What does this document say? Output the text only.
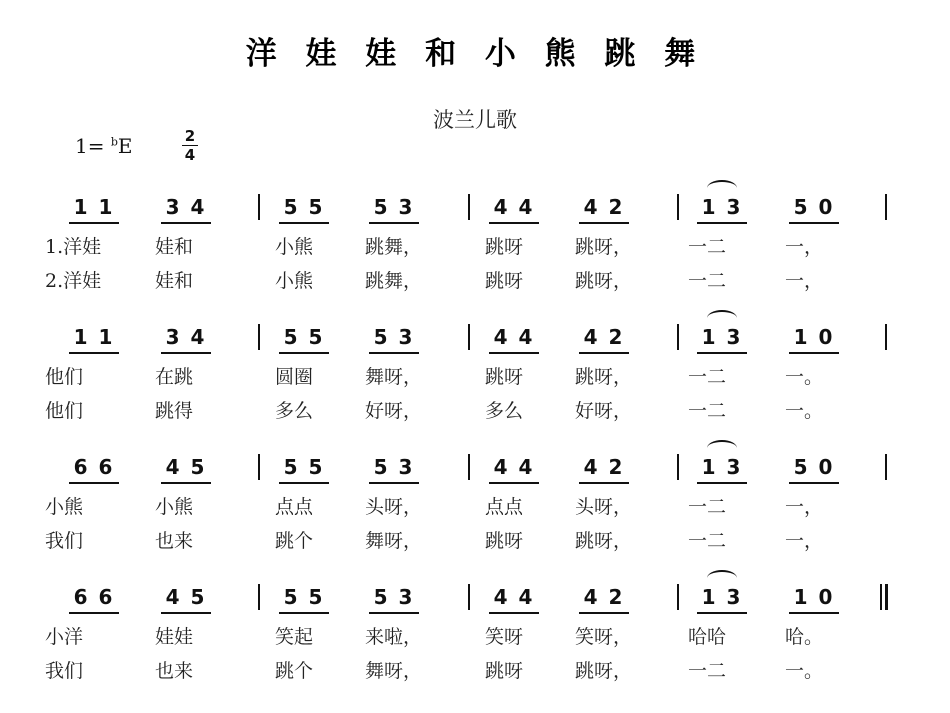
洋 娃 娃 和 小 熊 跳 舞
波兰儿歌
1= $^b$E	2
4
1 1	3 4	5 5	5 3	4 4	4 2	1 3	5 0
1.洋娃	娃和	小熊	跳舞，	跳呀	跳呀，	一二	一，
2.洋娃	娃和	小熊	跳舞，	跳呀	跳呀，	一二	一，
1 1	3 4	5 5	5 3	4 4	4 2	1 3	1 0
他们	在跳	圆圈	舞呀，	跳呀	跳呀，	一二	一。
他们	跳得	多么	好呀，	多么	好呀，	一二	一。
6 6	4 5	5 5	5 3	4 4	4 2	1 3	5 0
小熊	小熊	点点	头呀，	点点	头呀，	一二	一，
我们	也来	跳个	舞呀，	跳呀	跳呀，	一二	一，
6 6	4 5	5 5	5 3	4 4	4 2	1 3	1 0
小洋	娃娃	笑起	来啦，	笑呀	笑呀，	哈哈	哈。
我们	也来	跳个	舞呀，	跳呀	跳呀，	一二	一。
